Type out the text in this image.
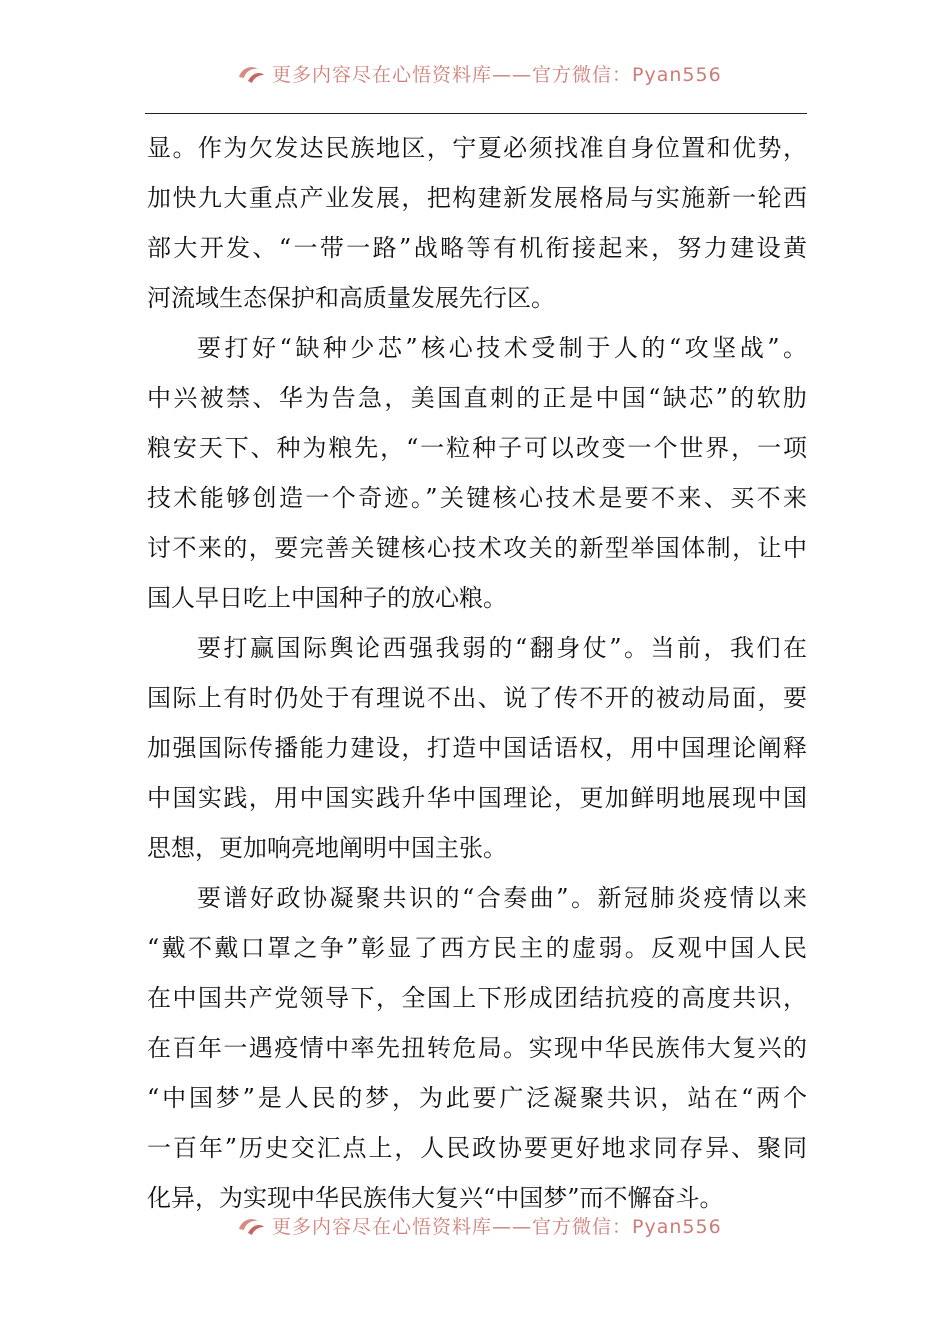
更多内容尽在心悟资料库——官方微信：Pyan556
显。作为欠发达民族地区，宁夏必须找准自身位置和优势，
加快九大重点产业发展，把构建新发展格局与实施新一轮西
部大开发、“一带一路”战略等有机衔接起来，努力建设黄
河流域生态保护和高质量发展先行区。
要打好“缺种少芯”核心技术受制于人的“攻坚战”。
中兴被禁、华为告急，美国直刺的正是中国“缺芯”的软肋
粮安天下、种为粮先，“一粒种子可以改变一个世界，一项
技术能够创造一个奇迹。”关键核心技术是要不来、买不来
讨不来的，要完善关键核心技术攻关的新型举国体制，让中
国人早日吃上中国种子的放心粮。
要打赢国际舆论西强我弱的“翻身仗”。当前，我们在
国际上有时仍处于有理说不出、说了传不开的被动局面，要
加强国际传播能力建设，打造中国话语权，用中国理论阐释
中国实践，用中国实践升华中国理论，更加鲜明地展现中国
思想，更加响亮地阐明中国主张。
要谱好政协凝聚共识的“合奏曲”。新冠肺炎疫情以来
“戴不戴口罩之争”彰显了西方民主的虚弱。反观中国人民
在中国共产党领导下，全国上下形成团结抗疫的高度共识，
在百年一遇疫情中率先扭转危局。实现中华民族伟大复兴的
“中国梦”是人民的梦，为此要广泛凝聚共识，站在“两个
一百年”历史交汇点上，人民政协要更好地求同存异、聚同
化异，为实现中华民族伟大复兴“中国梦”而不懈奋斗。
更多内容尽在心悟资料库——官方微信：Pyan556
